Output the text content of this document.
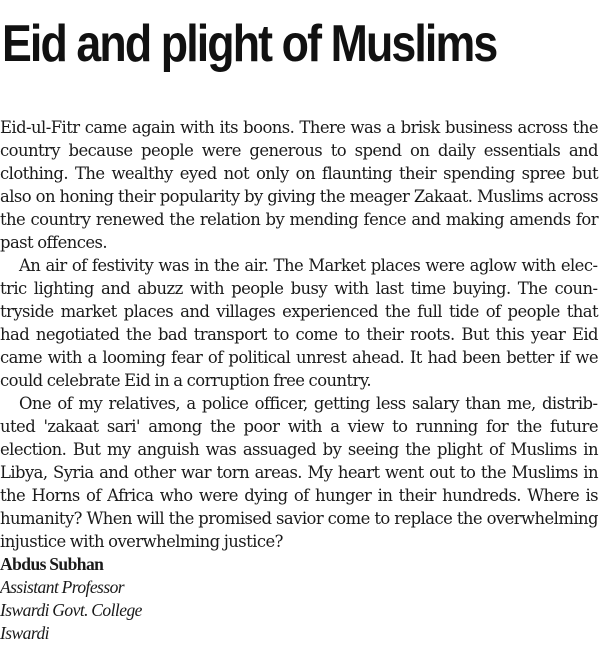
Eid and plight of Muslims

Eid-ul-Fitr came again with its boons. There was a brisk business across the country because people were generous to spend on daily essentials and clothing. The wealthy eyed not only on flaunting their spending spree but also on honing their popularity by giving the meager Zakaat. Muslims across the country renewed the relation by mending fence and making amends for past offences.

An air of festivity was in the air. The Market places were aglow with electric lighting and abuzz with people busy with last time buying. The countryside market places and villages experienced the full tide of people that had negotiated the bad transport to come to their roots. But this year Eid came with a looming fear of political unrest ahead. It had been better if we could celebrate Eid in a corruption free country.

One of my relatives, a police officer, getting less salary than me, distributed 'zakaat sari' among the poor with a view to running for the future election. But my anguish was assuaged by seeing the plight of Muslims in Libya, Syria and other war torn areas. My heart went out to the Muslims in the Horns of Africa who were dying of hunger in their hundreds. Where is humanity? When will the promised savior come to replace the overwhelming injustice with overwhelming justice?

Abdus Subhan

Assistant Professor

Iswardi Govt. College

Iswardi
